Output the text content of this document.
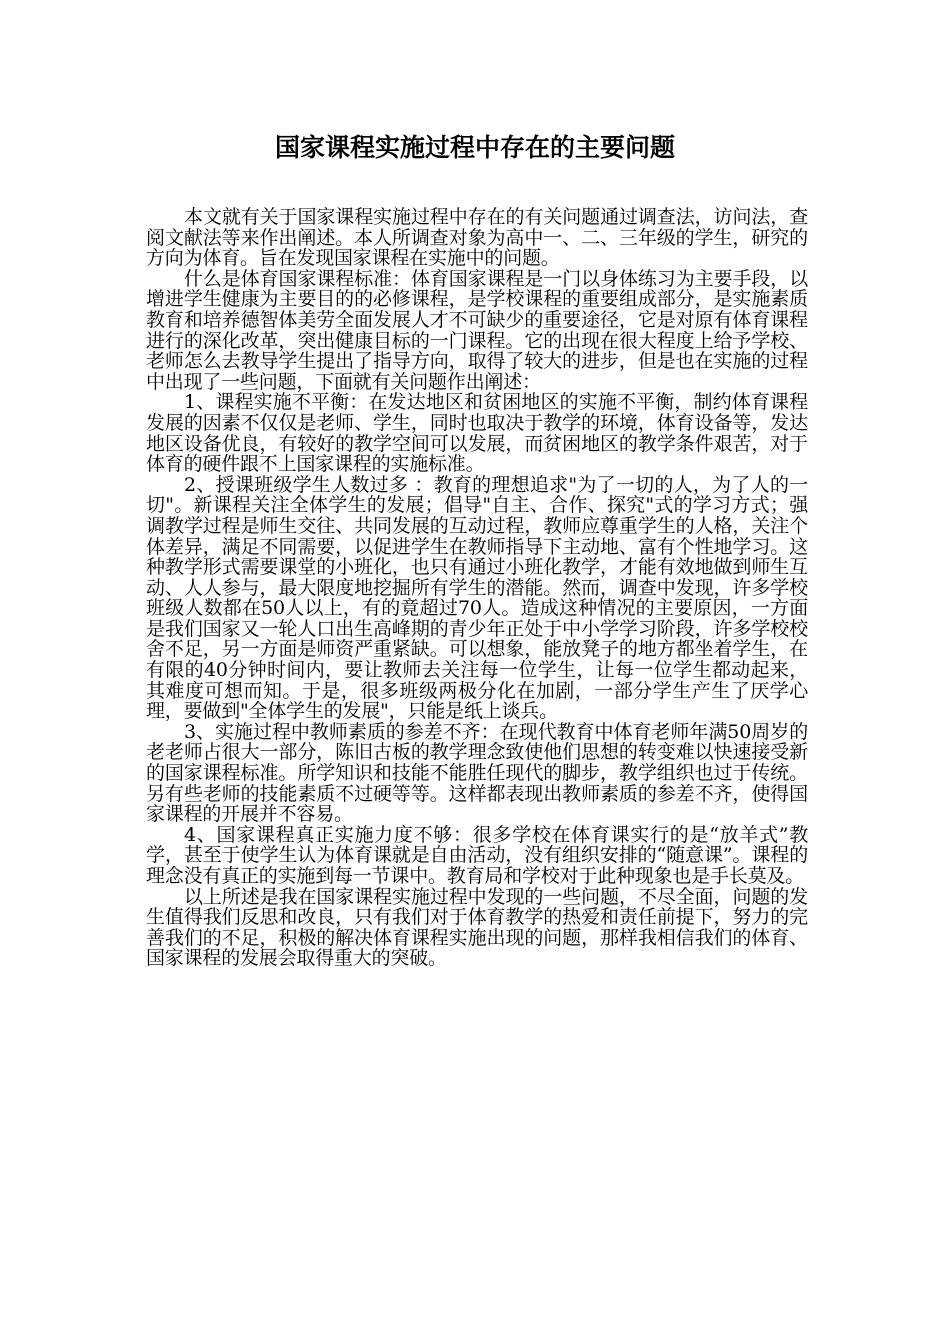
国家课程实施过程中存在的主要问题

本文就有关于国家课程实施过程中存在的有关问题通过调查法，访问法，查阅文献法等来作出阐述。本人所调查对象为高中一、二、三年级的学生，研究的方向为体育。旨在发现国家课程在实施中的问题。

什么是体育国家课程标准：体育国家课程是一门以身体练习为主要手段，以增进学生健康为主要目的的必修课程，是学校课程的重要组成部分，是实施素质教育和培养德智体美劳全面发展人才不可缺少的重要途径，它是对原有体育课程进行的深化改革，突出健康目标的一门课程。它的出现在很大程度上给予学校、老师怎么去教导学生提出了指导方向，取得了较大的进步，但是也在实施的过程中出现了一些问题，下面就有关问题作出阐述：

1、课程实施不平衡：在发达地区和贫困地区的实施不平衡，制约体育课程发展的因素不仅仅是老师、学生，同时也取决于教学的环境，体育设备等，发达地区设备优良，有较好的教学空间可以发展，而贫困地区的教学条件艰苦，对于体育的硬件跟不上国家课程的实施标准。

2、授课班级学生人数过多 ：教育的理想追求"为了一切的人，为了人的一切"。新课程关注全体学生的发展；倡导"自主、合作、探究"式的学习方式；强调教学过程是师生交往、共同发展的互动过程，教师应尊重学生的人格，关注个体差异，满足不同需要，以促进学生在教师指导下主动地、富有个性地学习。这种教学形式需要课堂的小班化，也只有通过小班化教学，才能有效地做到师生互动、人人参与，最大限度地挖掘所有学生的潜能。然而，调查中发现，许多学校班级人数都在50人以上，有的竟超过70人。造成这种情况的主要原因，一方面是我们国家又一轮人口出生高峰期的青少年正处于中小学学习阶段，许多学校校舍不足，另一方面是师资严重紧缺。可以想象，能放凳子的地方都坐着学生，在有限的40分钟时间内，要让教师去关注每一位学生，让每一位学生都动起来，其难度可想而知。于是，很多班级两极分化在加剧，一部分学生产生了厌学心理，要做到"全体学生的发展"，只能是纸上谈兵。

3、实施过程中教师素质的参差不齐：在现代教育中体育老师年满50周岁的老老师占很大一部分，陈旧古板的教学理念致使他们思想的转变难以快速接受新的国家课程标准。所学知识和技能不能胜任现代的脚步，教学组织也过于传统。另有些老师的技能素质不过硬等等。这样都表现出教师素质的参差不齐，使得国家课程的开展并不容易。

4、国家课程真正实施力度不够：很多学校在体育课实行的是“放羊式”教学，甚至于使学生认为体育课就是自由活动，没有组织安排的“随意课”。课程的理念没有真正的实施到每一节课中。教育局和学校对于此种现象也是手长莫及。

以上所述是我在国家课程实施过程中发现的一些问题，不尽全面，问题的发生值得我们反思和改良，只有我们对于体育教学的热爱和责任前提下，努力的完善我们的不足，积极的解决体育课程实施出现的问题，那样我相信我们的体育、国家课程的发展会取得重大的突破。
